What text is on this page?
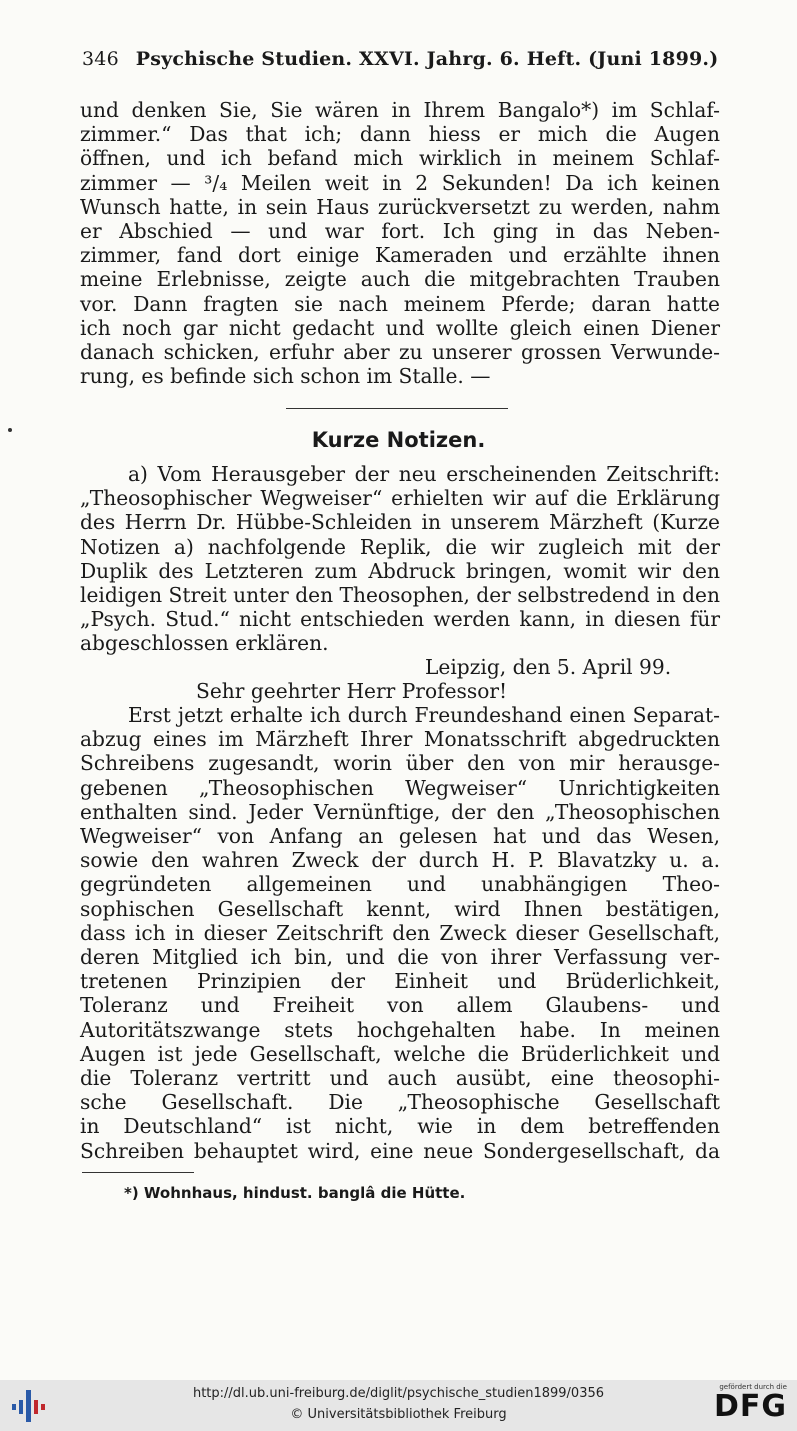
346 Psychische Studien. XXVI. Jahrg. 6. Heft. (Juni 1899.)
und denken Sie, Sie wären in Ihrem Bangalo*) im Schlaf-
zimmer.“ Das that ich; dann hiess er mich die Augen
öffnen, und ich befand mich wirklich in meinem Schlaf-
zimmer — ³/₄ Meilen weit in 2 Sekunden! Da ich keinen
Wunsch hatte, in sein Haus zurückversetzt zu werden, nahm
er Abschied — und war fort. Ich ging in das Neben-
zimmer, fand dort einige Kameraden und erzählte ihnen
meine Erlebnisse, zeigte auch die mitgebrachten Trauben
vor. Dann fragten sie nach meinem Pferde; daran hatte
ich noch gar nicht gedacht und wollte gleich einen Diener
danach schicken, erfuhr aber zu unserer grossen Verwunde-
rung, es befinde sich schon im Stalle. —
Kurze Notizen.
a) Vom Herausgeber der neu erscheinenden Zeitschrift:
„Theosophischer Wegweiser“ erhielten wir auf die Erklärung
des Herrn Dr. Hübbe-Schleiden in unserem Märzheft (Kurze
Notizen a) nachfolgende Replik, die wir zugleich mit der
Duplik des Letzteren zum Abdruck bringen, womit wir den
leidigen Streit unter den Theosophen, der selbstredend in den
„Psych. Stud.“ nicht entschieden werden kann, in diesen für
abgeschlossen erklären.
Leipzig, den 5. April 99.
Sehr geehrter Herr Professor!
Erst jetzt erhalte ich durch Freundeshand einen Separat-
abzug eines im Märzheft Ihrer Monatsschrift abgedruckten
Schreibens zugesandt, worin über den von mir herausge-
gebenen „Theosophischen Wegweiser“ Unrichtigkeiten
enthalten sind. Jeder Vernünftige, der den „Theosophischen
Wegweiser“ von Anfang an gelesen hat und das Wesen,
sowie den wahren Zweck der durch H. P. Blavatzky u. a.
gegründeten allgemeinen und unabhängigen Theo-
sophischen Gesellschaft kennt, wird Ihnen bestätigen,
dass ich in dieser Zeitschrift den Zweck dieser Gesellschaft,
deren Mitglied ich bin, und die von ihrer Verfassung ver-
tretenen Prinzipien der Einheit und Brüderlichkeit,
Toleranz und Freiheit von allem Glaubens- und
Autoritätszwange stets hochgehalten habe. In meinen
Augen ist jede Gesellschaft, welche die Brüderlichkeit und
die Toleranz vertritt und auch ausübt, eine theosophi-
sche Gesellschaft. Die „Theosophische Gesellschaft
in Deutschland“ ist nicht, wie in dem betreffenden
Schreiben behauptet wird, eine neue Sondergesellschaft, da
*) Wohnhaus, hindust. banglâ die Hütte.
http://dl.ub.uni-freiburg.de/diglit/psychische_studien1899/0356
© Universitätsbibliothek Freiburg
gefördert durch die
DFG
